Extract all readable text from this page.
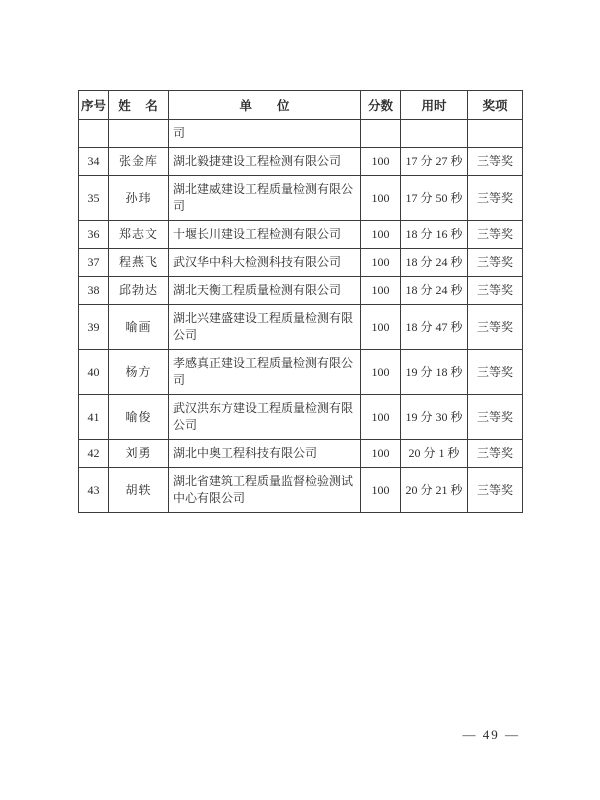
序号	姓　名	单　　位	分数	用时	奖项
		司			
34	张金库	湖北毅捷建设工程检测有限公司	100	17 分 27 秒	三等奖
35	孙玮	湖北建威建设工程质量检测有限公司	100	17 分 50 秒	三等奖
36	郑志文	十堰长川建设工程检测有限公司	100	18 分 16 秒	三等奖
37	程燕飞	武汉华中科大检测科技有限公司	100	18 分 24 秒	三等奖
38	邱勃达	湖北天衡工程质量检测有限公司	100	18 分 24 秒	三等奖
39	喻画	湖北兴建盛建设工程质量检测有限公司	100	18 分 47 秒	三等奖
40	杨方	孝感真正建设工程质量检测有限公司	100	19 分 18 秒	三等奖
41	喻俊	武汉洪东方建设工程质量检测有限公司	100	19 分 30 秒	三等奖
42	刘勇	湖北中奥工程科技有限公司	100	20 分 1 秒	三等奖
43	胡轶	湖北省建筑工程质量监督检验测试中心有限公司	100	20 分 21 秒	三等奖
— 49 —
